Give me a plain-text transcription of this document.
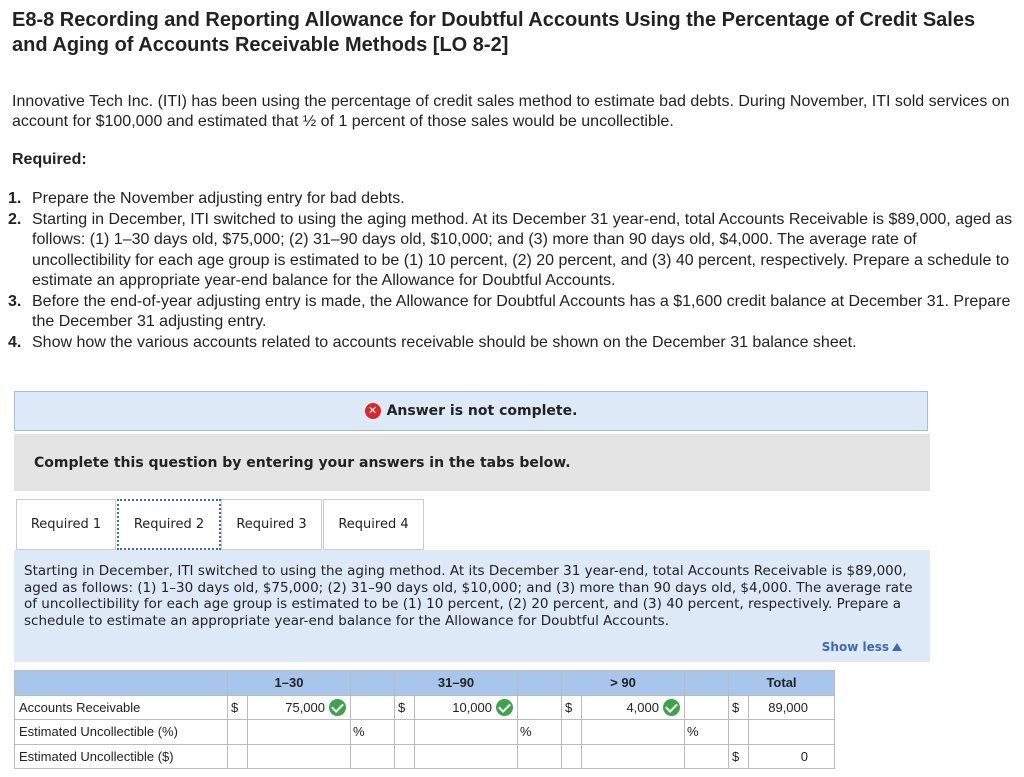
E8-8 Recording and Reporting Allowance for Doubtful Accounts Using the Percentage of Credit Sales and Aging of Accounts Receivable Methods [LO 8-2]
Innovative Tech Inc. (ITI) has been using the percentage of credit sales method to estimate bad debts. During November, ITI sold services on account for $100,000 and estimated that ½ of 1 percent of those sales would be uncollectible.
Required:
1. Prepare the November adjusting entry for bad debts.
2. Starting in December, ITI switched to using the aging method. At its December 31 year-end, total Accounts Receivable is $89,000, aged as follows: (1) 1–30 days old, $75,000; (2) 31–90 days old, $10,000; and (3) more than 90 days old, $4,000. The average rate of uncollectibility for each age group is estimated to be (1) 10 percent, (2) 20 percent, and (3) 40 percent, respectively. Prepare a schedule to estimate an appropriate year-end balance for the Allowance for Doubtful Accounts.
3. Before the end-of-year adjusting entry is made, the Allowance for Doubtful Accounts has a $1,600 credit balance at December 31. Prepare the December 31 adjusting entry.
4. Show how the various accounts related to accounts receivable should be shown on the December 31 balance sheet.
✕ Answer is not complete.
Complete this question by entering your answers in the tabs below.
Required 1	Required 2	Required 3	Required 4
Starting in December, ITI switched to using the aging method. At its December 31 year-end, total Accounts Receivable is $89,000, aged as follows: (1) 1–30 days old, $75,000; (2) 31–90 days old, $10,000; and (3) more than 90 days old, $4,000. The average rate of uncollectibility for each age group is estimated to be (1) 10 percent, (2) 20 percent, and (3) 40 percent, respectively. Prepare a schedule to estimate an appropriate year-end balance for the Allowance for Doubtful Accounts.
Show less
	1–30			31–90			> 90			Total	
Accounts Receivable	$	75,000		$	10,000		$	4,000		$	89,000
Estimated Uncollectible (%)			%			%			%		
Estimated Uncollectible ($)										$	0
